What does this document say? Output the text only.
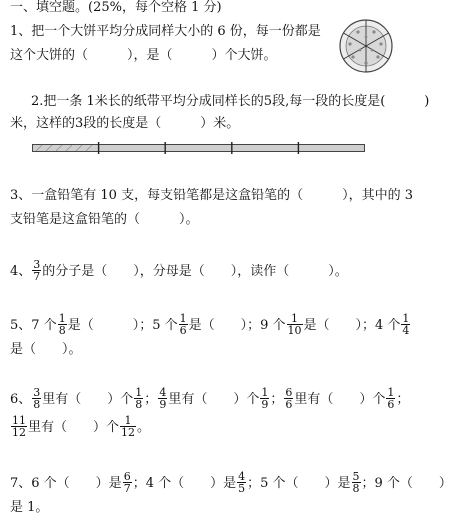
一、填空题。(25%，每个空格 1 分)
1、把一个大饼平均分成同样大小的 6 份，每一份都是
这个大饼的（　　　），是（　　　）个大饼。
2.把一条 1米长的纸带平均分成同样长的5段,每一段的长度是(　　　)
米，这样的3段的长度是（　　　）米。
3、一盒铅笔有 10 支，每支铅笔都是这盒铅笔的（　　　），其中的 3
支铅笔是这盒铅笔的（　　　）。
4、 $\frac{3}{7}$ 的分子是（　　），分母是（　　），读作（　　　）。
5、7 个 $\frac{1}{8}$ 是（　　　）；5 个 $\frac{1}{6}$ 是（　　）；9 个 $\frac{1}{10}$ 是（　　）；4 个 $\frac{1}{4}$
是（　　）。
6、 $\frac{3}{8}$ 里有（　　）个 $\frac{1}{8}$ ； $\frac{4}{9}$ 里有（　　）个 $\frac{1}{9}$ ； $\frac{6}{6}$ 里有（　　）个 $\frac{1}{6}$ ；
$\frac{11}{12}$ 里有（　　）个 $\frac{1}{12}$ 。
7、6 个（　　）是 $\frac{6}{7}$ ；4 个（　　）是 $\frac{4}{5}$ ；5 个（　　）是 $\frac{5}{8}$ ；9 个（　　）
是 1。
